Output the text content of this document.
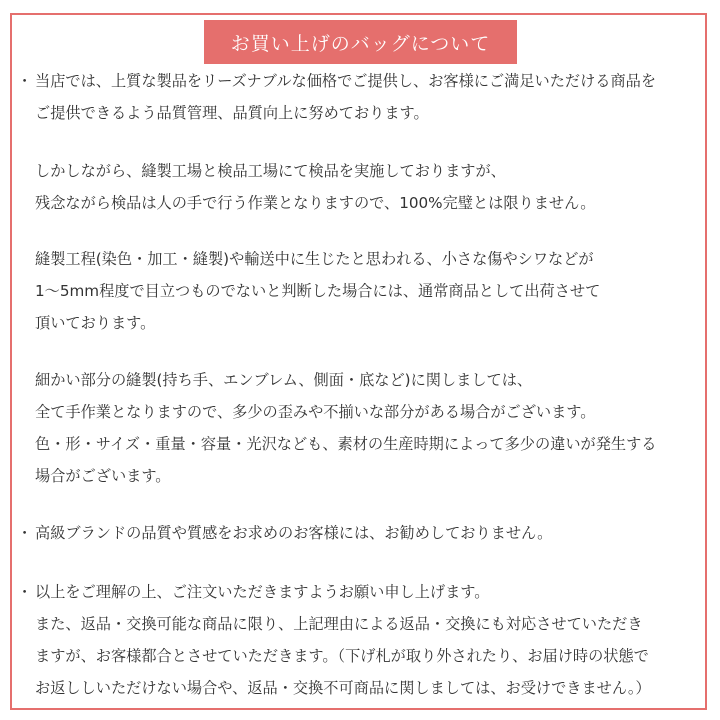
お買い上げのバッグについて
・ 当店では、上質な製品をリーズナブルな価格でご提供し、お客様にご満足いただける商品を
ご提供できるよう品質管理、品質向上に努めております。
しかしながら、縫製工場と検品工場にて検品を実施しておりますが、
残念ながら検品は人の手で行う作業となりますので、100%完璧とは限りません。
縫製工程(染色・加工・縫製)や輸送中に生じたと思われる、小さな傷やシワなどが
1～5mm程度で目立つものでないと判断した場合には、通常商品として出荷させて
頂いております。
細かい部分の縫製(持ち手、エンブレム、側面・底など)に関しましては、
全て手作業となりますので、多少の歪みや不揃いな部分がある場合がございます。
色・形・サイズ・重量・容量・光沢なども、素材の生産時期によって多少の違いが発生する
場合がございます。
・ 高級ブランドの品質や質感をお求めのお客様には、お勧めしておりません。
・ 以上をご理解の上、ご注文いただきますようお願い申し上げます。
また、返品・交換可能な商品に限り、上記理由による返品・交換にも対応させていただき
ますが、お客様都合とさせていただきます。（下げ札が取り外されたり、お届け時の状態で
お返ししいただけない場合や、返品・交換不可商品に関しましては、お受けできません。）
